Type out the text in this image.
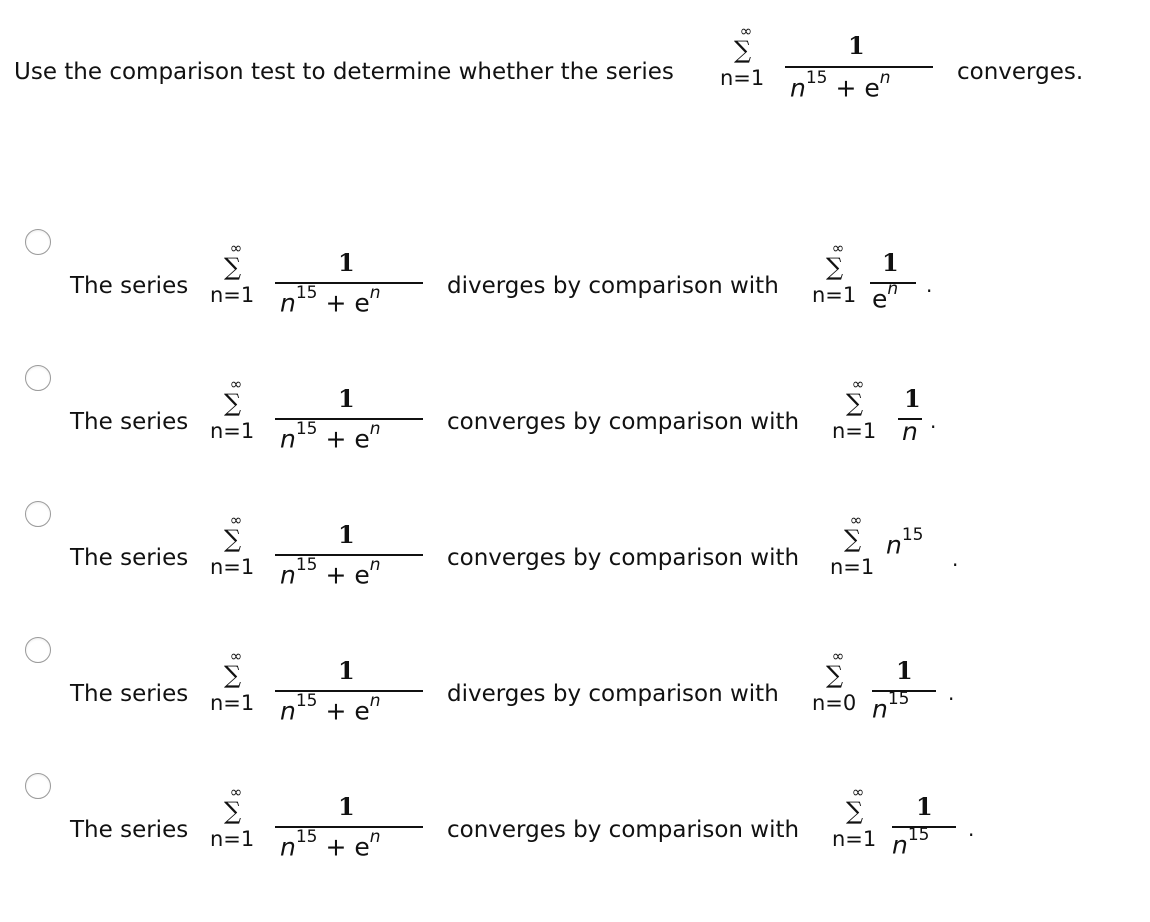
Use the comparison test to determine whether the series
∞
∑
n=1
1
$n^{15} + e^n$	converges.
The series
∞
∑
n=1
1
$n^{15} + e^n$	diverges by comparison with
∞
∑
n=1
1
$e^n$ .
The series
∞
∑
n=1
1
$n^{15} + e^n$	converges by comparison with
∞
∑
n=1
1
n .
The series
∞
∑
n=1
1
$n^{15} + e^n$	converges by comparison with
∞
∑
n=1
$n^{15}$
.
The series
∞
∑
n=1
1
$n^{15} + e^n$	diverges by comparison with
∞
∑
n=0
1
$n^{15}$ .
The series
∞
∑
n=1
1
$n^{15} + e^n$	converges by comparison with
∞
∑
n=1
1
$n^{15}$ .
